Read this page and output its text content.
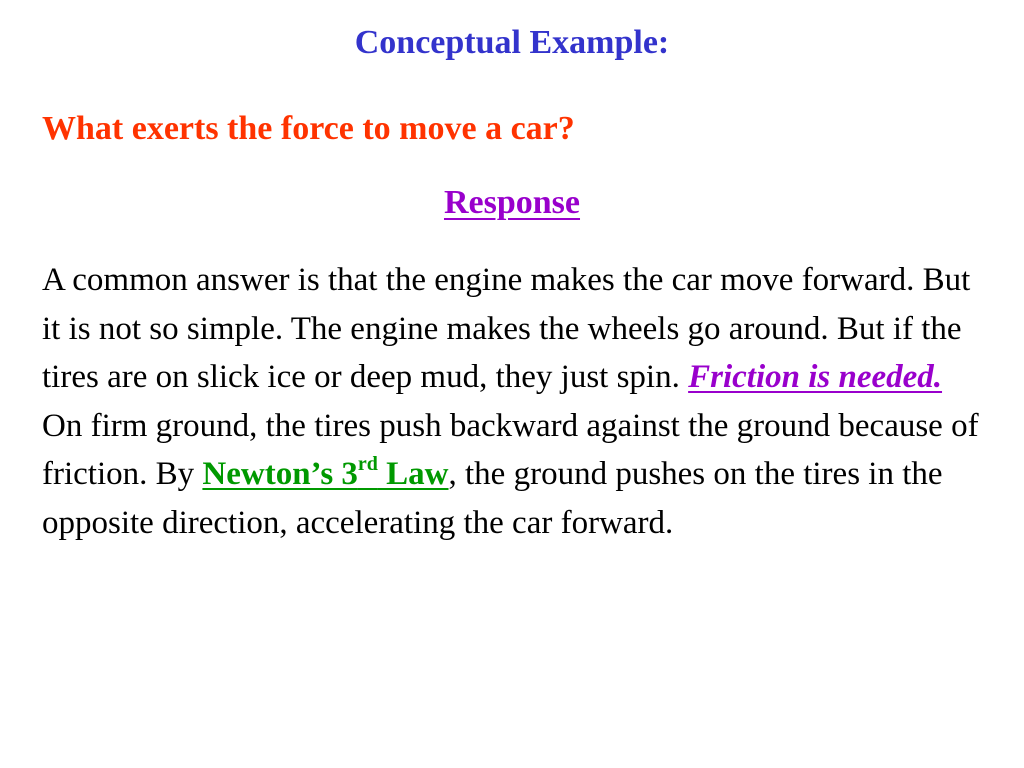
Conceptual Example:
What exerts the force to move a car?
Response
A common answer is that the engine makes the car move forward. But it is not so simple. The engine makes the wheels go around. But if the tires are on slick ice or deep mud, they just spin. Friction is needed. On firm ground, the tires push backward against the ground because of friction. By Newton’s 3rd Law, the ground pushes on the tires in the opposite direction, accelerating the car forward.
